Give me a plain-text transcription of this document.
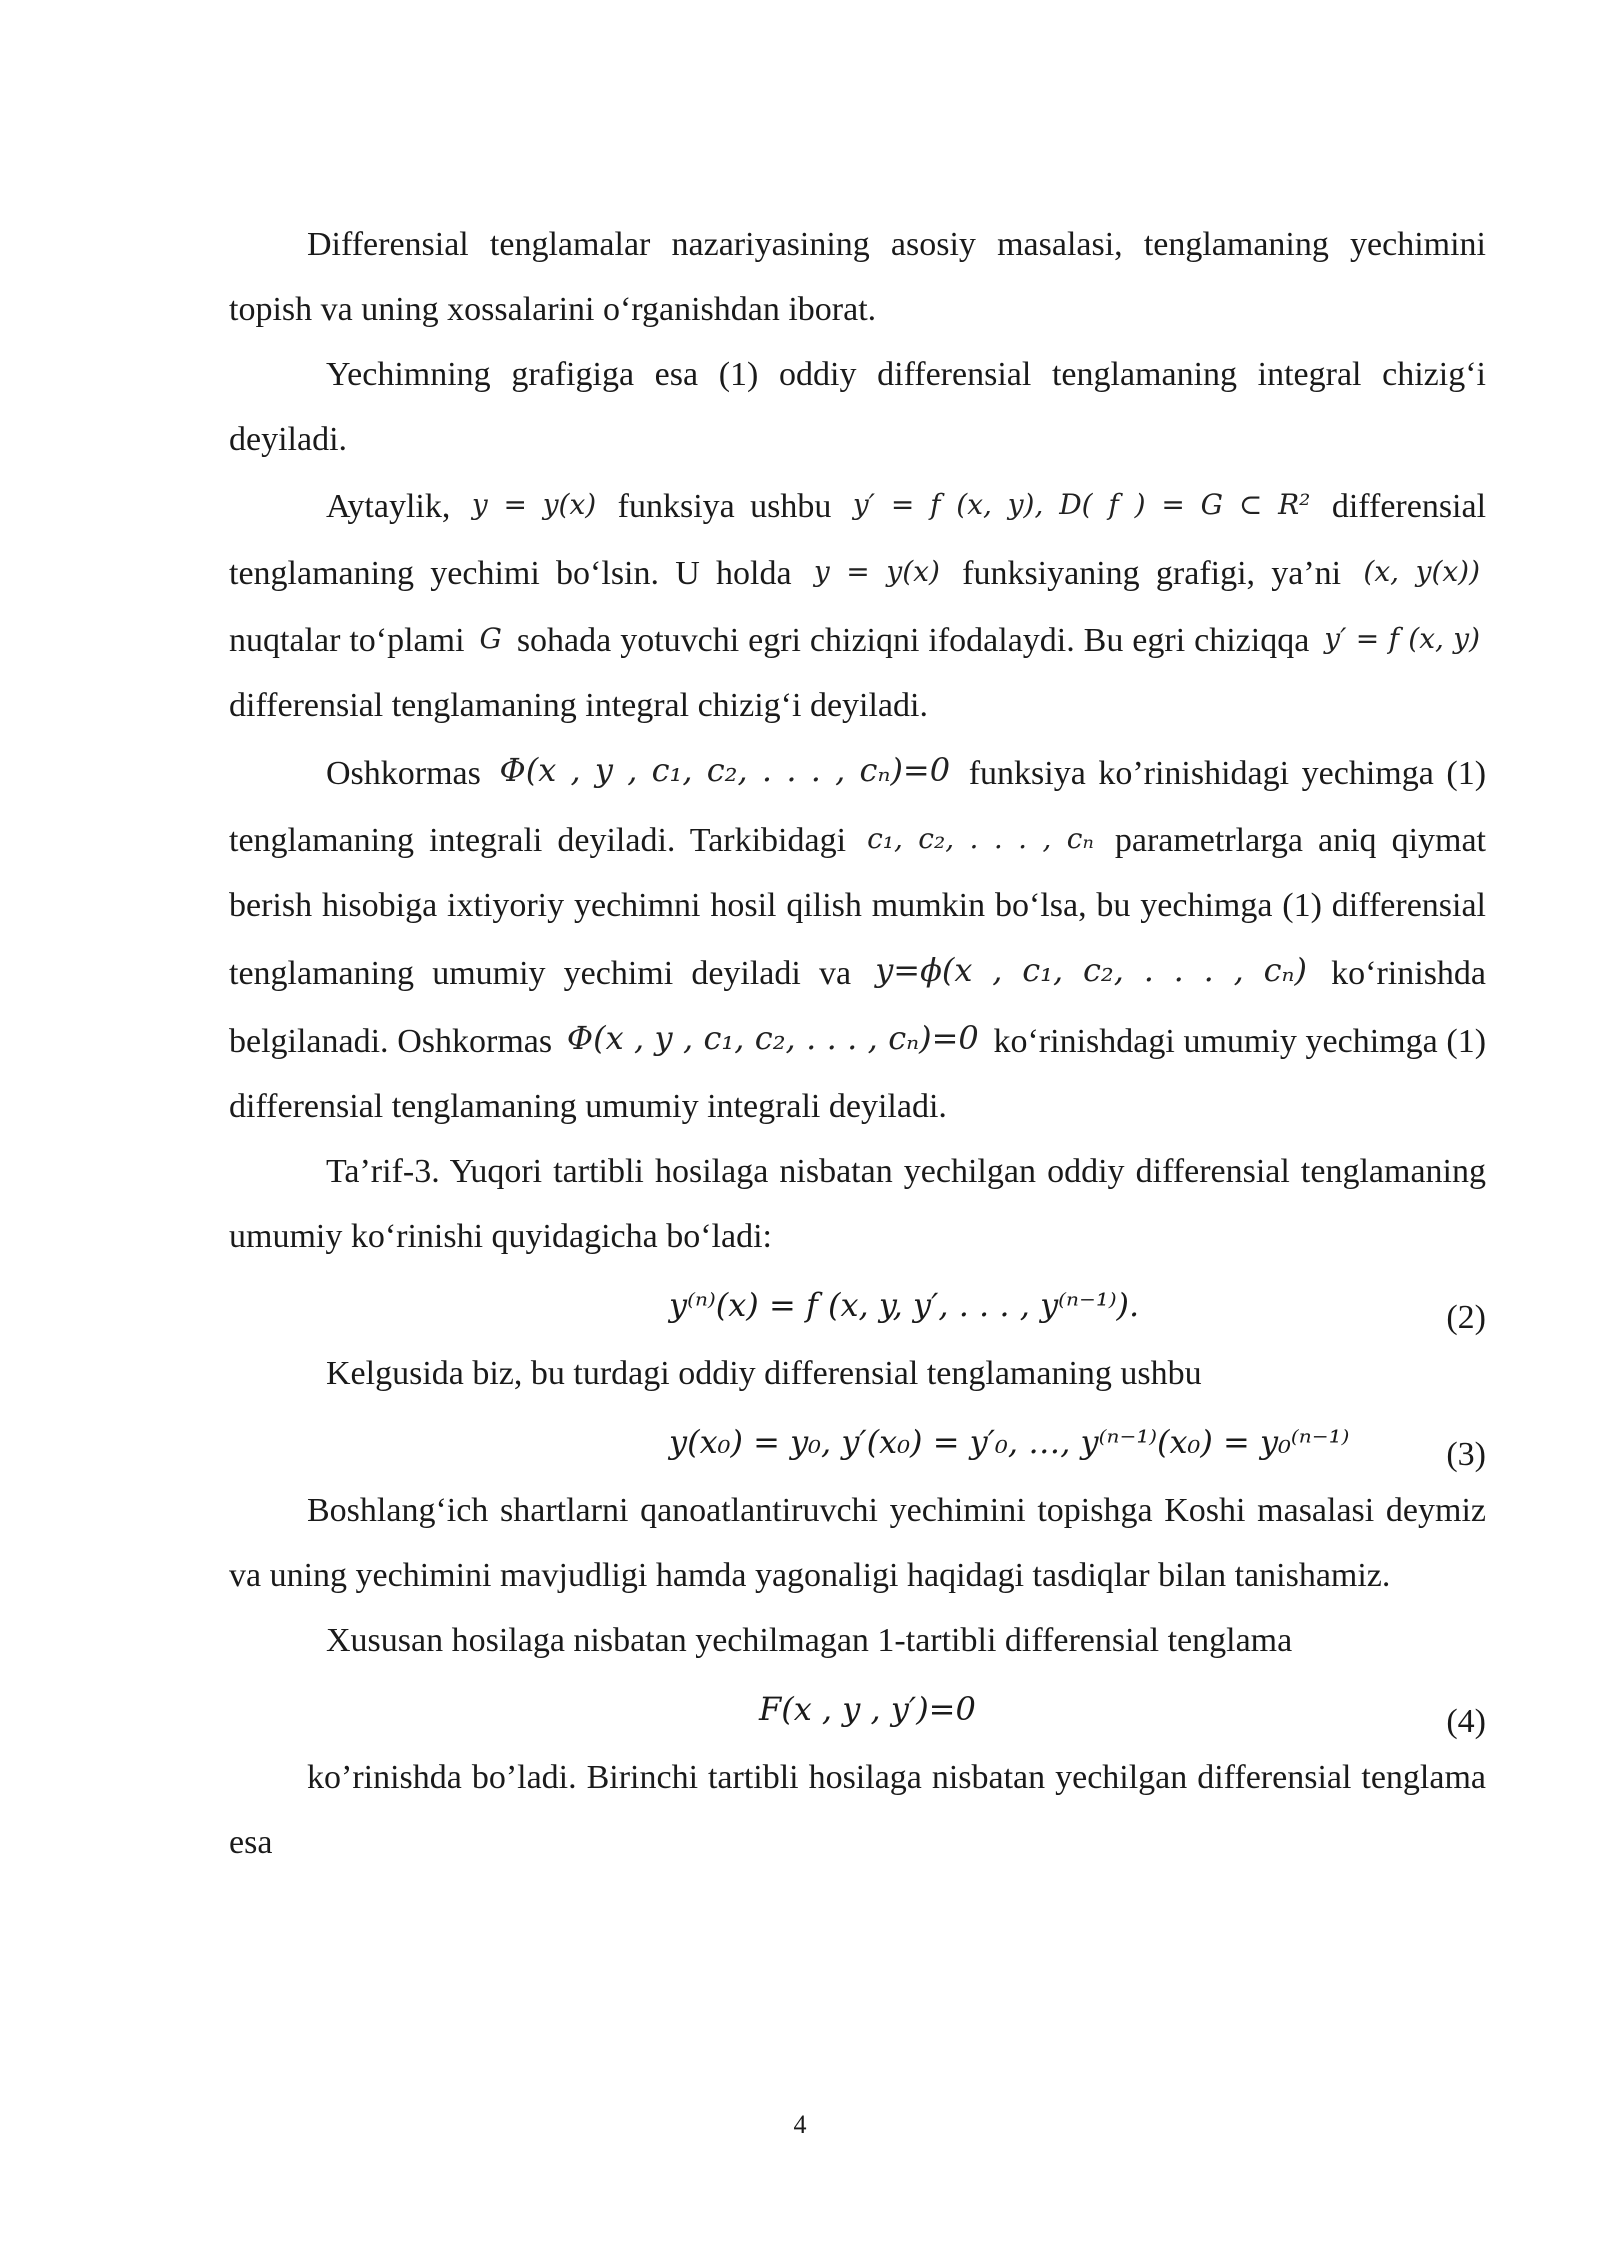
Differensial tenglamalar nazariyasining asosiy masalasi, tenglamaning yechimini topish va uning xossalarini o‘rganishdan iborat.

Yechimning grafigiga esa (1) oddiy differensial tenglamaning integral chizig‘i deyiladi.

Aytaylik, y = y(x) funksiya ushbu y′ = f (x, y), D( f ) = G ⊂ R² differensial tenglamaning yechimi bo‘lsin. U holda y = y(x) funksiyaning grafigi, ya’ni (x, y(x)) nuqtalar to‘plami G sohada yotuvchi egri chiziqni ifodalaydi. Bu egri chiziqqa y′ = f (x, y) differensial tenglamaning integral chizig‘i deyiladi.

Oshkormas Φ(x , y , c₁, c₂, . . . , cₙ)=0 funksiya ko’rinishidagi yechimga (1) tenglamaning integrali deyiladi. Tarkibidagi c₁, c₂, . . . , cₙ parametrlarga aniq qiymat berish hisobiga ixtiyoriy yechimni hosil qilish mumkin bo‘lsa, bu yechimga (1) differensial tenglamaning umumiy yechimi deyiladi va y=ϕ(x , c₁, c₂, . . . , cₙ) ko‘rinishda belgilanadi. Oshkormas Φ(x , y , c₁, c₂, . . . , cₙ)=0 ko‘rinishdagi umumiy yechimga (1) differensial tenglamaning umumiy integrali deyiladi.

Ta’rif-3. Yuqori tartibli hosilaga nisbatan yechilgan oddiy differensial tenglamaning umumiy ko‘rinishi quyidagicha bo‘ladi:

y⁽ⁿ⁾(x) = f (x, y, y′, . . . , y⁽ⁿ⁻¹⁾).	(2)

Kelgusida biz, bu turdagi oddiy differensial tenglamaning ushbu

y(x₀) = y₀, y′(x₀) = y′₀, …, y⁽ⁿ⁻¹⁾(x₀) = y₀⁽ⁿ⁻¹⁾	(3)

Boshlang‘ich shartlarni qanoatlantiruvchi yechimini topishga Koshi masalasi deymiz va uning yechimini mavjudligi hamda yagonaligi haqidagi tasdiqlar bilan tanishamiz.

Xususan hosilaga nisbatan yechilmagan 1-tartibli differensial tenglama

F(x , y , y′)=0	(4)

ko’rinishda bo’ladi. Birinchi tartibli hosilaga nisbatan yechilgan differensial tenglama esa

4
